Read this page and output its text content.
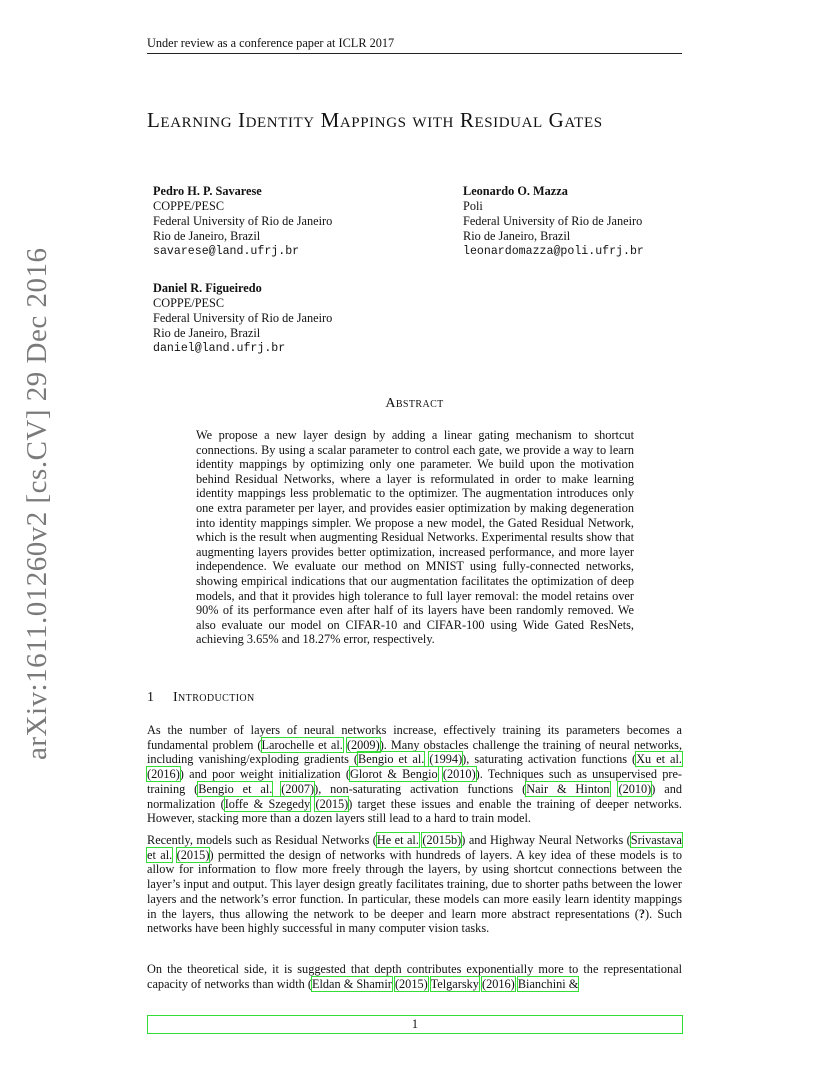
Under review as a conference paper at ICLR 2017
Learning Identity Mappings with Residual Gates
Pedro H. P. Savarese
COPPE/PESC
Federal University of Rio de Janeiro
Rio de Janeiro, Brazil
savarese@land.ufrj.br
Leonardo O. Mazza
Poli
Federal University of Rio de Janeiro
Rio de Janeiro, Brazil
leonardomazza@poli.ufrj.br
Daniel R. Figueiredo
COPPE/PESC
Federal University of Rio de Janeiro
Rio de Janeiro, Brazil
daniel@land.ufrj.br
arXiv:1611.01260v2 [cs.CV] 29 Dec 2016	Abstract
We propose a new layer design by adding a linear gating mechanism to shortcut connections. By using a scalar parameter to control each gate, we provide a way to learn identity mappings by optimizing only one parameter. We build upon the motivation behind Residual Networks, where a layer is reformulated in order to make learning identity mappings less problematic to the optimizer. The augmentation introduces only one extra parameter per layer, and provides easier optimization by making degeneration into identity mappings simpler. We propose a new model, the Gated Residual Network, which is the result when augmenting Residual Networks. Experimental results show that augmenting layers provides better optimization, increased performance, and more layer independence. We evaluate our method on MNIST using fully-connected networks, showing empirical indications that our augmentation facilitates the optimization of deep models, and that it provides high tolerance to full layer removal: the model retains over 90% of its performance even after half of its layers have been randomly removed. We also evaluate our model on CIFAR-10 and CIFAR-100 using Wide Gated ResNets, achieving 3.65% and 18.27% error, respectively.
1 Introduction

As the number of layers of neural networks increase, effectively training its parameters becomes a fundamental problem (Larochelle et al. (2009)). Many obstacles challenge the training of neural networks, including vanishing/exploding gradients (Bengio et al. (1994)), saturating activation functions (Xu et al. (2016)) and poor weight initialization (Glorot & Bengio (2010)). Techniques such as unsupervised pre-training (Bengio et al. (2007)), non-saturating activation functions (Nair & Hinton (2010)) and normalization (Ioffe & Szegedy (2015)) target these issues and enable the training of deeper networks. However, stacking more than a dozen layers still lead to a hard to train model.

Recently, models such as Residual Networks (He et al. (2015b)) and Highway Neural Networks (Srivastava et al. (2015)) permitted the design of networks with hundreds of layers. A key idea of these models is to allow for information to flow more freely through the layers, by using shortcut connections between the layer’s input and output. This layer design greatly facilitates training, due to shorter paths between the lower layers and the network’s error function. In particular, these models can more easily learn identity mappings in the layers, thus allowing the network to be deeper and learn more abstract representations (?). Such networks have been highly successful in many computer vision tasks.

On the theoretical side, it is suggested that depth contributes exponentially more to the representational capacity of networks than width (Eldan & Shamir (2015) Telgarsky (2016) Bianchini &

1
